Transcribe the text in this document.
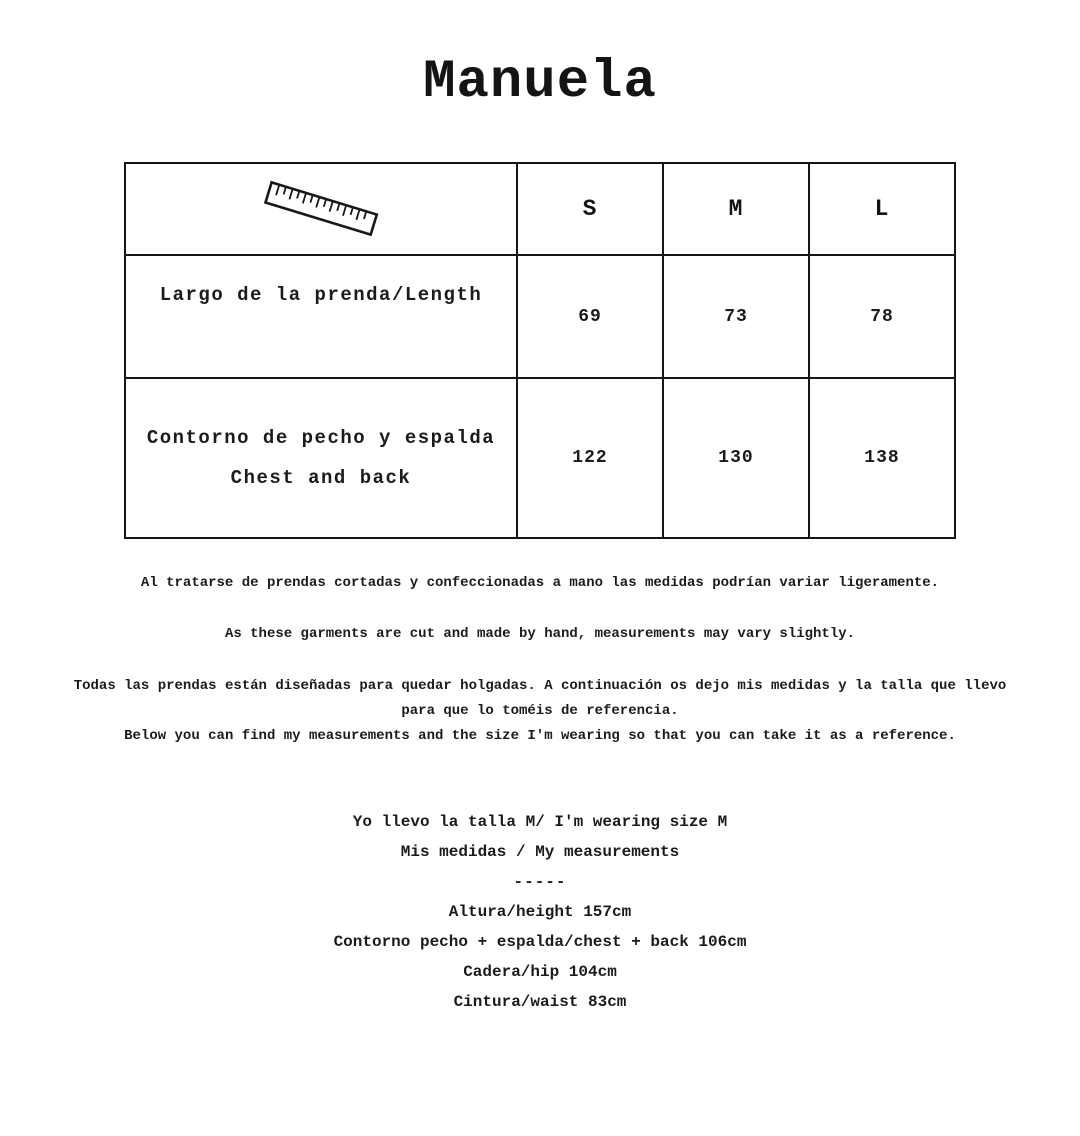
Manuela
	S	M	L
Largo de la prenda/Length	69	73	78

Contorno de pecho y espalda
Chest and back	122	130	138
Al tratarse de prendas cortadas y confeccionadas a mano las medidas podrían variar ligeramente.
As these garments are cut and made by hand, measurements may vary slightly.
Todas las prendas están diseñadas para quedar holgadas. A continuación os dejo mis medidas y la talla que llevo
para que lo toméis de referencia.
Below you can find my measurements and the size I'm wearing so that you can take it as a reference.
Yo llevo la talla M/ I'm wearing size M
Mis medidas / My measurements
-----
Altura/height 157cm
Contorno pecho + espalda/chest + back 106cm
Cadera/hip 104cm
Cintura/waist 83cm
